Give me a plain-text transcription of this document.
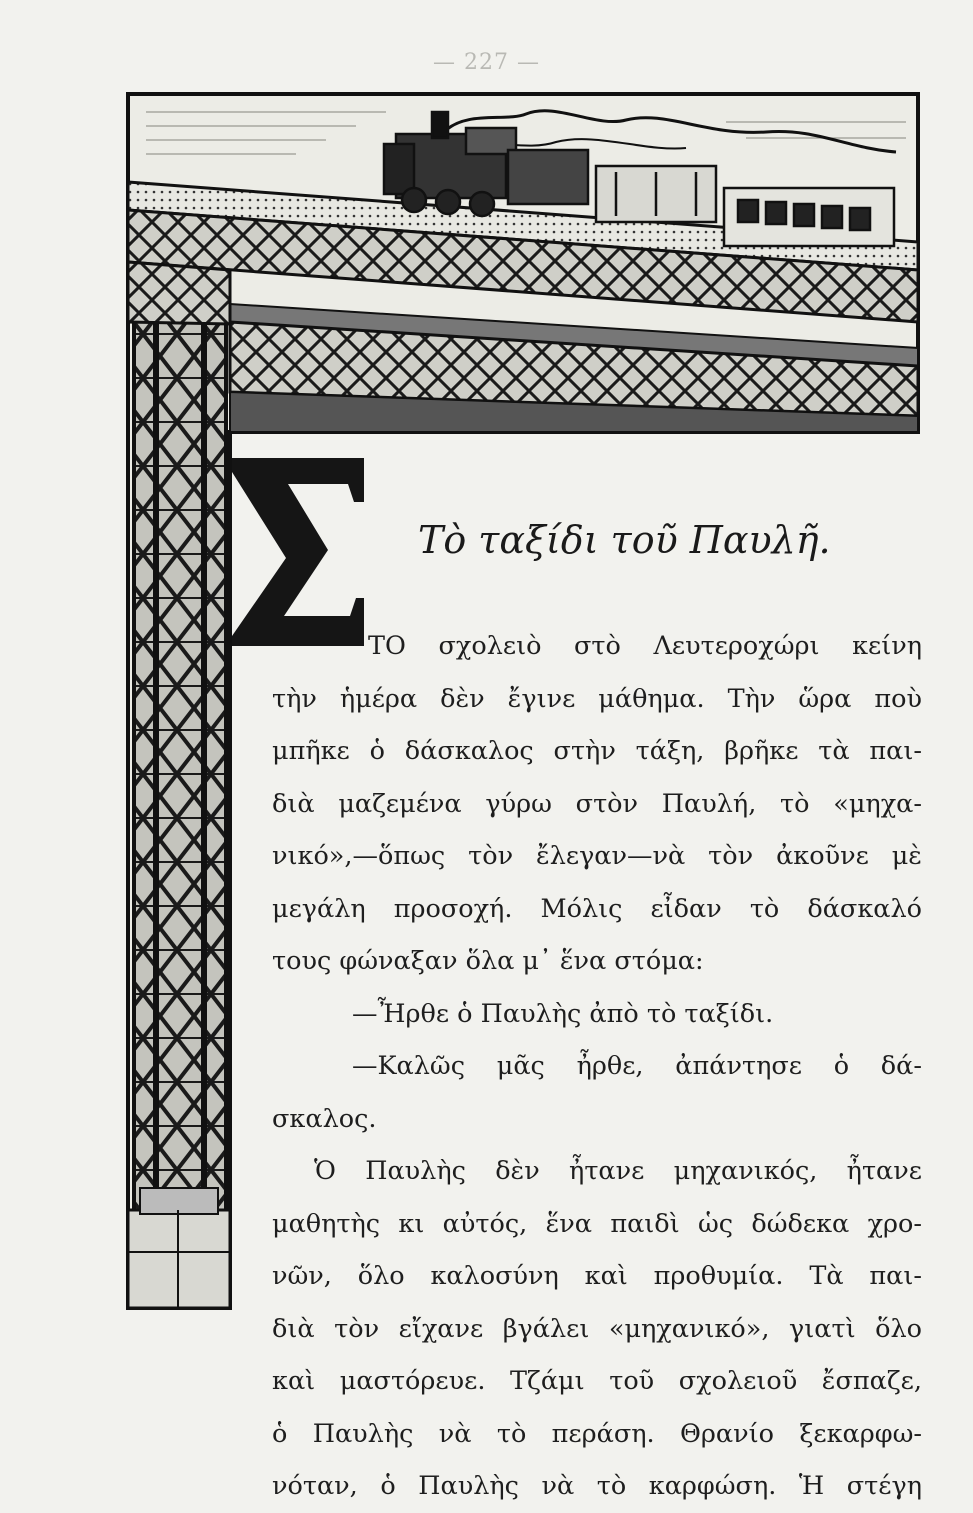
— 227 —
Τὸ ταξίδι τοῦ Παυλῆ.
ΤΟ σχολειὸ στὸ Λευτεροχώρι κείνη
τὴν ἡμέρα δὲν ἔγινε μάθημα. Τὴν ὥρα ποὺ
μπῆκε ὁ δάσκαλος στὴν τάξη, βρῆκε τὰ παι-
διὰ μαζεμένα γύρω στὸν Παυλή, τὸ «μηχα-
νικό»,—ὅπως τὸν ἔλεγαν—νὰ τὸν ἀκοῦνε μὲ
μεγάλη προσοχή. Μόλις εἶδαν τὸ δάσκαλό
τους φώναξαν ὅλα μ᾽ ἕνα στόμα:
—Ἦρθε ὁ Παυλὴς ἀπὸ τὸ ταξίδι.
—Καλῶς μᾶς ἦρθε, ἀπάντησε ὁ δά-
σκαλος.
Ὁ Παυλὴς δὲν ἦτανε μηχανικός, ἦτανε
μαθητὴς κι αὐτός, ἕνα παιδὶ ὡς δώδεκα χρο-
νῶν, ὅλο καλοσύνη καὶ προθυμία. Τὰ παι-
διὰ τὸν εἴχανε βγάλει «μηχανικό», γιατὶ ὅλο
καὶ μαστόρευε. Τζάμι τοῦ σχολειοῦ ἔσπαζε,
ὁ Παυλὴς νὰ τὸ περάση. Θρανίο ξεκαρφω-
νόταν, ὁ Παυλὴς νὰ τὸ καρφώση. Ἡ στέγη
